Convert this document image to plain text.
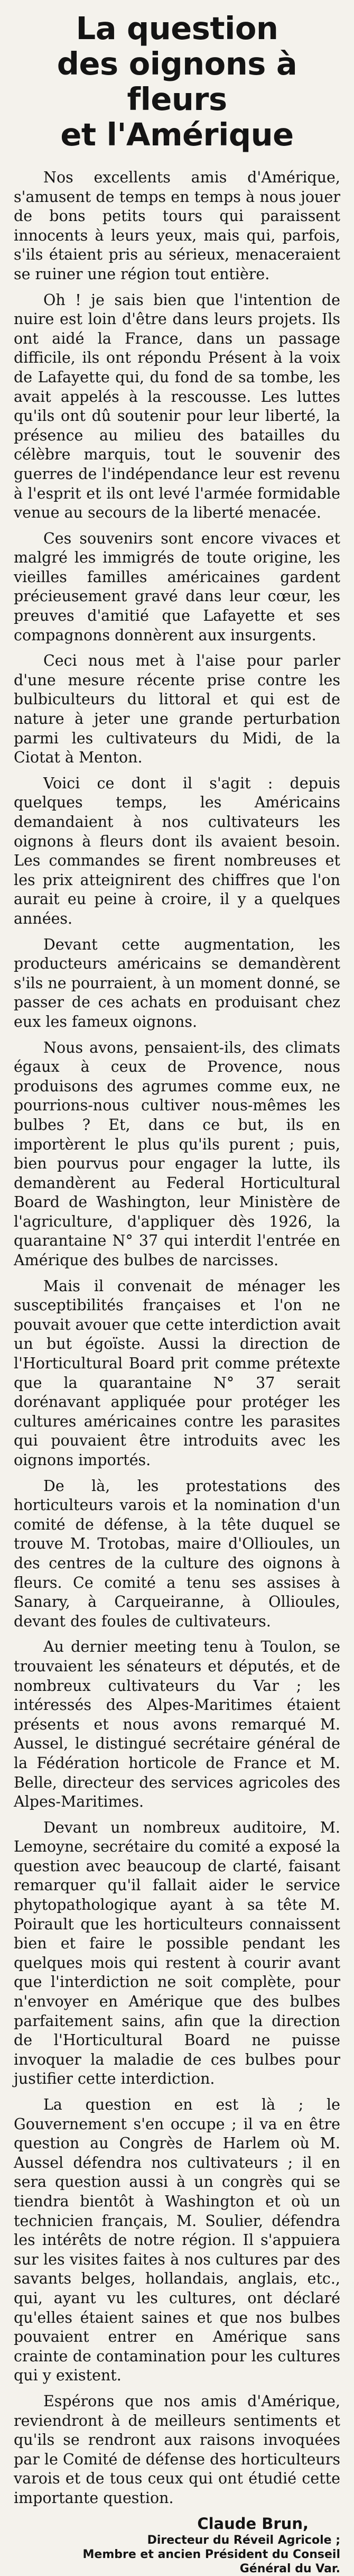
La question
des oignons à fleurs
et l'Amérique

Nos excellents amis d'Amérique, s'amusent de temps en temps à nous jouer de bons petits tours qui paraissent innocents à leurs yeux, mais qui, parfois, s'ils étaient pris au sérieux, menaceraient se ruiner une région tout entière.

Oh ! je sais bien que l'intention de nuire est loin d'être dans leurs projets. Ils ont aidé la France, dans un passage difficile, ils ont répondu Présent à la voix de Lafayette qui, du fond de sa tombe, les avait appelés à la rescousse. Les luttes qu'ils ont dû soutenir pour leur liberté, la présence au milieu des batailles du célèbre marquis, tout le souvenir des guerres de l'indépendance leur est revenu à l'esprit et ils ont levé l'armée formidable venue au secours de la liberté menacée.

Ces souvenirs sont encore vivaces et malgré les immigrés de toute origine, les vieilles familles américaines gardent précieusement gravé dans leur cœur, les preuves d'amitié que Lafayette et ses compagnons donnèrent aux insurgents.

Ceci nous met à l'aise pour parler d'une mesure récente prise contre les bulbiculteurs du littoral et qui est de nature à jeter une grande perturbation parmi les cultivateurs du Midi, de la Ciotat à Menton.

Voici ce dont il s'agit : depuis quelques temps, les Américains demandaient à nos cultivateurs les oignons à fleurs dont ils avaient besoin. Les commandes se firent nombreuses et les prix atteignirent des chiffres que l'on aurait eu peine à croire, il y a quelques années.

Devant cette augmentation, les producteurs américains se demandèrent s'ils ne pourraient, à un moment donné, se passer de ces achats en produisant chez eux les fameux oignons.

Nous avons, pensaient-ils, des climats égaux à ceux de Provence, nous produisons des agrumes comme eux, ne pourrions-nous cultiver nous-mêmes les bulbes ? Et, dans ce but, ils en importèrent le plus qu'ils purent ; puis, bien pourvus pour engager la lutte, ils demandèrent au Federal Horticultural Board de Washington, leur Ministère de l'agriculture, d'appliquer dès 1926, la quarantaine N° 37 qui interdit l'entrée en Amérique des bulbes de narcisses.

Mais il convenait de ménager les susceptibilités françaises et l'on ne pouvait avouer que cette interdiction avait un but égoïste. Aussi la direction de l'Horticultural Board prit comme prétexte que la quarantaine N° 37 serait dorénavant appliquée pour protéger les cultures américaines contre les parasites qui pouvaient être introduits avec les oignons importés.

De là, les protestations des horticulteurs varois et la nomination d'un comité de défense, à la tête duquel se trouve M. Trotobas, maire d'Ollioules, un des centres de la culture des oignons à fleurs. Ce comité a tenu ses assises à Sanary, à Carqueiranne, à Ollioules, devant des foules de cultivateurs.

Au dernier meeting tenu à Toulon, se trouvaient les sénateurs et députés, et de nombreux cultivateurs du Var ; les intéressés des Alpes-Maritimes étaient présents et nous avons remarqué M. Aussel, le distingué secrétaire général de la Fédération horticole de France et M. Belle, directeur des services agricoles des Alpes-Maritimes.

Devant un nombreux auditoire, M. Lemoyne, secrétaire du comité a exposé la question avec beaucoup de clarté, faisant remarquer qu'il fallait aider le service phytopathologique ayant à sa tête M. Poirault que les horticulteurs connaissent bien et faire le possible pendant les quelques mois qui restent à courir avant que l'interdiction ne soit complète, pour n'envoyer en Amérique que des bulbes parfaitement sains, afin que la direction de l'Horticultural Board ne puisse invoquer la maladie de ces bulbes pour justifier cette interdiction.

La question en est là ; le Gouvernement s'en occupe ; il va en être question au Congrès de Harlem où M. Aussel défendra nos cultivateurs ; il en sera question aussi à un congrès qui se tiendra bientôt à Washington et où un technicien français, M. Soulier, défendra les intérêts de notre région. Il s'appuiera sur les visites faites à nos cultures par des savants belges, hollandais, anglais, etc., qui, ayant vu les cultures, ont déclaré qu'elles étaient saines et que nos bulbes pouvaient entrer en Amérique sans crainte de contamination pour les cultures qui y existent.

Espérons que nos amis d'Amérique, reviendront à de meilleurs sentiments et qu'ils se rendront aux raisons invoquées par le Comité de défense des horticulteurs varois et de tous ceux qui ont étudié cette importante question.

Claude Brun,
Directeur du Réveil Agricole ;
Membre et ancien Président du Conseil
Général du Var.
